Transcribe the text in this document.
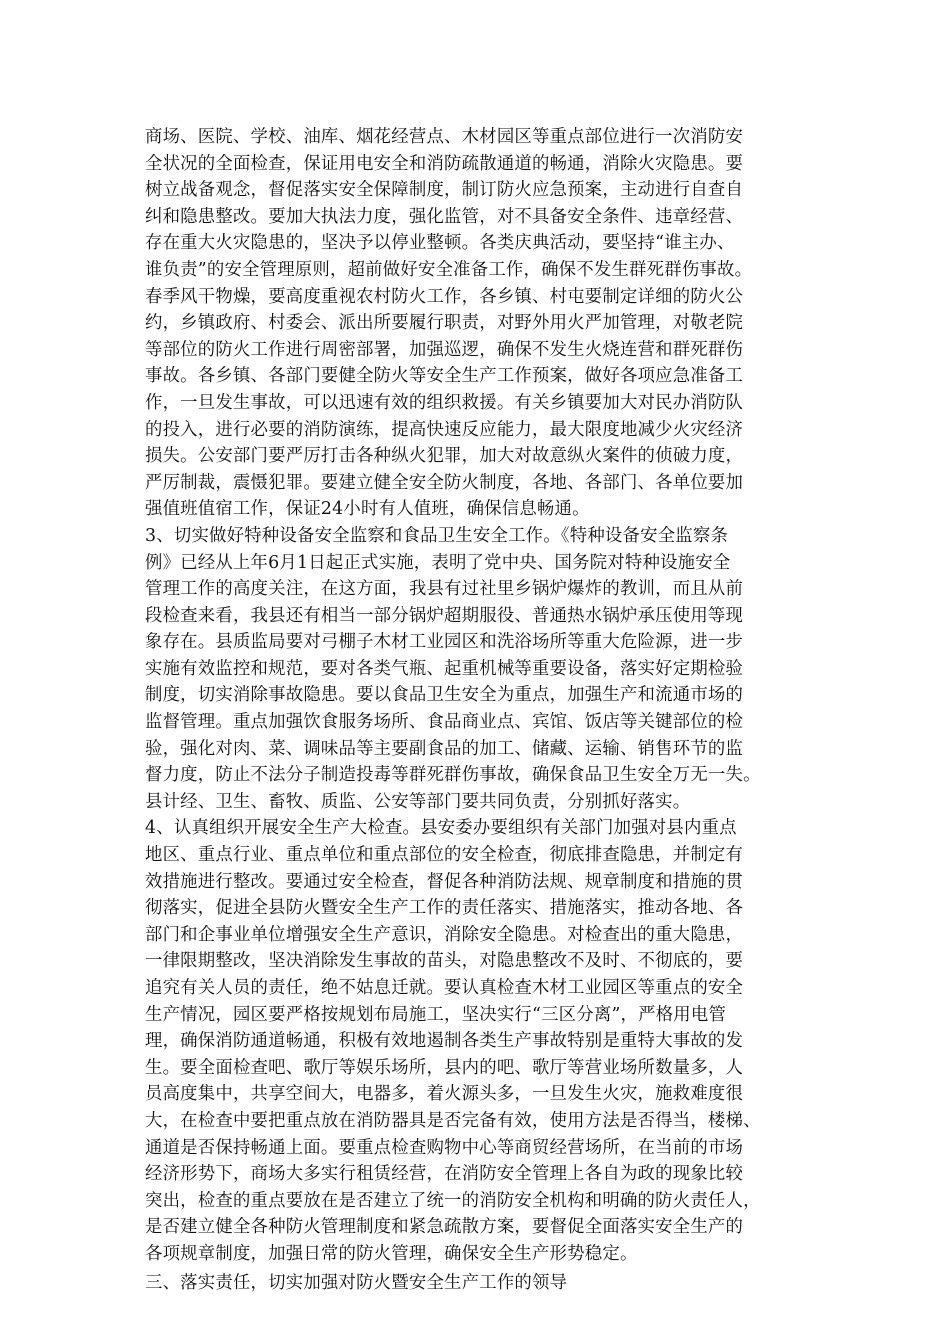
商场、医院、学校、油库、烟花经营点、木材园区等重点部位进行一次消防安
全状况的全面检查，保证用电安全和消防疏散通道的畅通，消除火灾隐患。要
树立战备观念，督促落实安全保障制度，制订防火应急预案，主动进行自查自
纠和隐患整改。要加大执法力度，强化监管，对不具备安全条件、违章经营、
存在重大火灾隐患的，坚决予以停业整顿。各类庆典活动，要坚持“谁主办、
谁负责”的安全管理原则，超前做好安全准备工作，确保不发生群死群伤事故。
春季风干物燥，要高度重视农村防火工作，各乡镇、村屯要制定详细的防火公
约，乡镇政府、村委会、派出所要履行职责，对野外用火严加管理，对敬老院
等部位的防火工作进行周密部署，加强巡逻，确保不发生火烧连营和群死群伤
事故。各乡镇、各部门要健全防火等安全生产工作预案，做好各项应急准备工
作，一旦发生事故，可以迅速有效的组织救援。有关乡镇要加大对民办消防队
的投入，进行必要的消防演练，提高快速反应能力，最大限度地减少火灾经济
损失。公安部门要严厉打击各种纵火犯罪，加大对故意纵火案件的侦破力度，
严厉制裁，震慑犯罪。要建立健全安全防火制度，各地、各部门、各单位要加
强值班值宿工作，保证24小时有人值班，确保信息畅通。
3、切实做好特种设备安全监察和食品卫生安全工作。《特种设备安全监察条
例》已经从上年6月1日起正式实施，表明了党中央、国务院对特种设施安全
管理工作的高度关注，在这方面，我县有过社里乡锅炉爆炸的教训，而且从前
段检查来看，我县还有相当一部分锅炉超期服役、普通热水锅炉承压使用等现
象存在。县质监局要对弓棚子木材工业园区和洗浴场所等重大危险源，进一步
实施有效监控和规范，要对各类气瓶、起重机械等重要设备，落实好定期检验
制度，切实消除事故隐患。要以食品卫生安全为重点，加强生产和流通市场的
监督管理。重点加强饮食服务场所、食品商业点、宾馆、饭店等关键部位的检
验，强化对肉、菜、调味品等主要副食品的加工、储藏、运输、销售环节的监
督力度，防止不法分子制造投毒等群死群伤事故，确保食品卫生安全万无一失。
县计经、卫生、畜牧、质监、公安等部门要共同负责，分别抓好落实。
4、认真组织开展安全生产大检查。县安委办要组织有关部门加强对县内重点
地区、重点行业、重点单位和重点部位的安全检查，彻底排查隐患，并制定有
效措施进行整改。要通过安全检查，督促各种消防法规、规章制度和措施的贯
彻落实，促进全县防火暨安全生产工作的责任落实、措施落实，推动各地、各
部门和企事业单位增强安全生产意识，消除安全隐患。对检查出的重大隐患，
一律限期整改，坚决消除发生事故的苗头，对隐患整改不及时、不彻底的，要
追究有关人员的责任，绝不姑息迁就。要认真检查木材工业园区等重点的安全
生产情况，园区要严格按规划布局施工，坚决实行“三区分离”，严格用电管
理，确保消防通道畅通，积极有效地遏制各类生产事故特别是重特大事故的发
生。要全面检查吧、歌厅等娱乐场所，县内的吧、歌厅等营业场所数量多，人
员高度集中，共享空间大，电器多，着火源头多，一旦发生火灾，施救难度很
大，在检查中要把重点放在消防器具是否完备有效，使用方法是否得当，楼梯、
通道是否保持畅通上面。要重点检查购物中心等商贸经营场所，在当前的市场
经济形势下，商场大多实行租赁经营，在消防安全管理上各自为政的现象比较
突出，检查的重点要放在是否建立了统一的消防安全机构和明确的防火责任人，
是否建立健全各种防火管理制度和紧急疏散方案，要督促全面落实安全生产的
各项规章制度，加强日常的防火管理，确保安全生产形势稳定。
三、落实责任，切实加强对防火暨安全生产工作的领导
